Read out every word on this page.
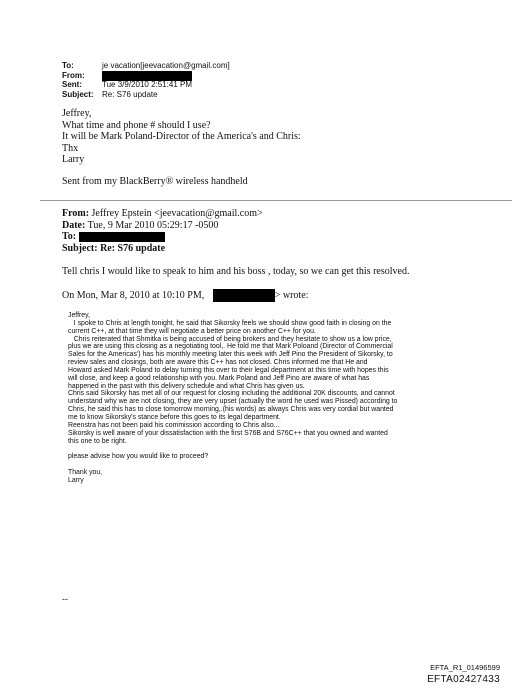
To:	je vacation[jeevacation@gmail.com]
From:
Sent:	Tue 3/9/2010 2:51:41 PM
Subject:	Re: S76 update

Jeffrey,

What time and phone # should I use?

It will be Mark Poland-Director of the America's and Chris:

Thx

Larry

Sent from my BlackBerry® wireless handheld
From: Jeffrey Epstein <jeevacation@gmail.com>
Date: Tue, 9 Mar 2010 05:29:17 -0500
To:
Subject: Re: S76 update
Tell chris I would like to speak to him and his boss , today, so we can get this resolved.
On Mon, Mar 8, 2010 at 10:10 PM,	> wrote:

Jeffrey,

I spoke to Chris at length tonight, he said that Sikorsky feels we should show good faith in closing on the

current C++, at that time they will negotiate a better price on another C++ for you.

Chris reiterated that Shmitka is being accused of being brokers and they hesitate to show us a low price,

plus we are using this closing as a negotiating tool,. He told me that Mark Poloand (Director of Commercial

Sales for the Americas') has his monthly meeting later this week with Jeff Pino the President of Sikorsky, to

review sales and closings, both are aware this C++ has not closed. Chris informed me that He and

Howard asked Mark Poland to delay turning this over to their legal department at this time with hopes this

will close, and keep a good relationship with you. Mark Poland and Jeff Pino are aware of what has

happened in the past with this delivery schedule and what Chris has given us.

Chris said Sikorsky has met all of our request for closing including the additional 20K discounts, and cannot

understand why we are not closing, they are very upset (actually the word he used was Pissed) according to

Chris, he said this has to close tomorrow morning,.(his words) as always Chris was very cordial but wanted

me to know Sikorsky's stance before this goes to its legal department.

Reenstra has not been paid his commission according to Chris also...

Sikorsky is well aware of your dissatisfaction with the first S76B and S76C++ that you owned and wanted

this one to be right.

please advise how you would like to proceed?

Thank you,

Larry

--
EFTA_R1_01496599
EFTA02427433
